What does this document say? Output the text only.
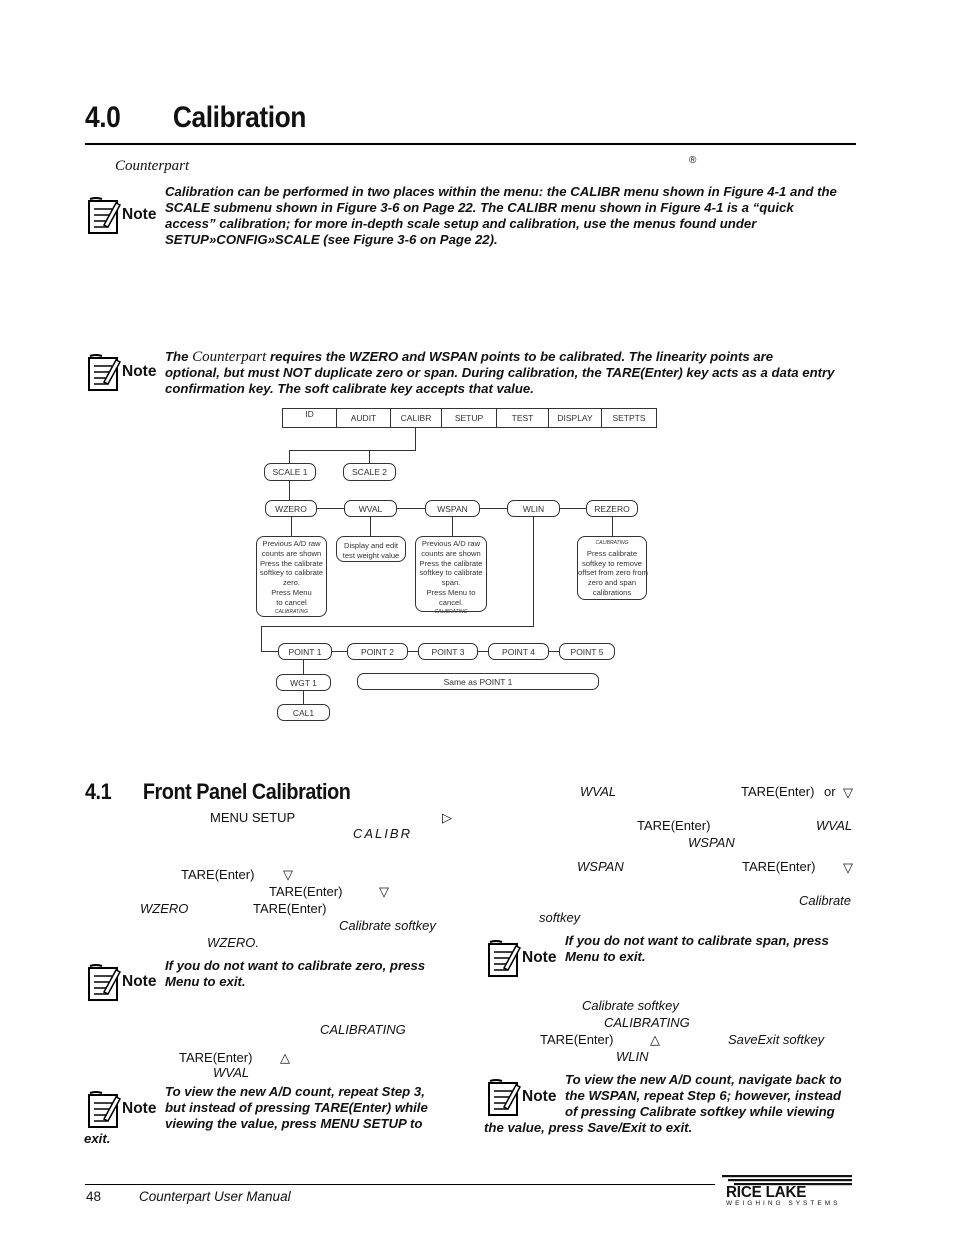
4.0 Calibration
Counterpart	®
Note
Calibration can be performed in two places within the menu: the CALIBR menu shown in Figure 4-1 and the
SCALE submenu shown in Figure 3-6 on Page 22. The CALIBR menu shown in Figure 4-1 is a “quick
access” calibration; for more in-depth scale setup and calibration, use the menus found under
SETUP»CONFIG»SCALE (see Figure 3-6 on Page 22).
Note
The Counterpart requires the WZERO and WSPAN points to be calibrated. The linearity points are
optional, but must NOT duplicate zero or span. During calibration, the TARE(Enter) key acts as a data entry
confirmation key. The soft calibrate key accepts that value.
ID	AUDIT	CALIBR	SETUP	TEST	DISPLAY	SETPTS
SCALE 1	SCALE 2
WZERO	WVAL	WSPAN	WLIN	REZERO
Previous A/D raw
counts are shown
Press the calibrate
softkey to calibrate
zero.
Press Menu
to cancel
CALIBRATING
Display and edit
test weight value
Previous A/D raw
counts are shown
Press the calibrate
softkey to calibrate
span.
Press Menu to
cancel.
CALIBRATING
CALIBRATING
Press calibrate
softkey to remove
offset from zero from
zero and span
calibrations
POINT 1	POINT 2	POINT 3	POINT 4	POINT 5
WGT 1	Same as POINT 1
CAL1
4.1 Front Panel Calibration
MENU SETUP	▷
CALIBR
TARE(Enter) ▽
TARE(Enter)	▽
WZERO	TARE(Enter)
Calibrate softkey
WZERO.
Note
If you do not want to calibrate zero, press
Menu to exit.
CALIBRATING
TARE(Enter) △
WVAL
Note
To view the new A/D count, repeat Step 3,
but instead of pressing TARE(Enter) while
viewing the value, press MENU SETUP to
exit.
WVAL	TARE(Enter) or ▽
TARE(Enter)	WVAL
WSPAN
WSPAN	TARE(Enter) ▽
Calibrate
softkey
Note
If you do not want to calibrate span, press
Menu to exit.
Calibrate softkey
CALIBRATING
TARE(Enter)	△	SaveExit softkey
WLIN
Note
To view the new A/D count, navigate back to
the WSPAN, repeat Step 6; however, instead
of pressing Calibrate softkey while viewing
the value, press Save/Exit to exit.
48	Counterpart User Manual	RICE LAKE
WEIGHING SYSTEMS
